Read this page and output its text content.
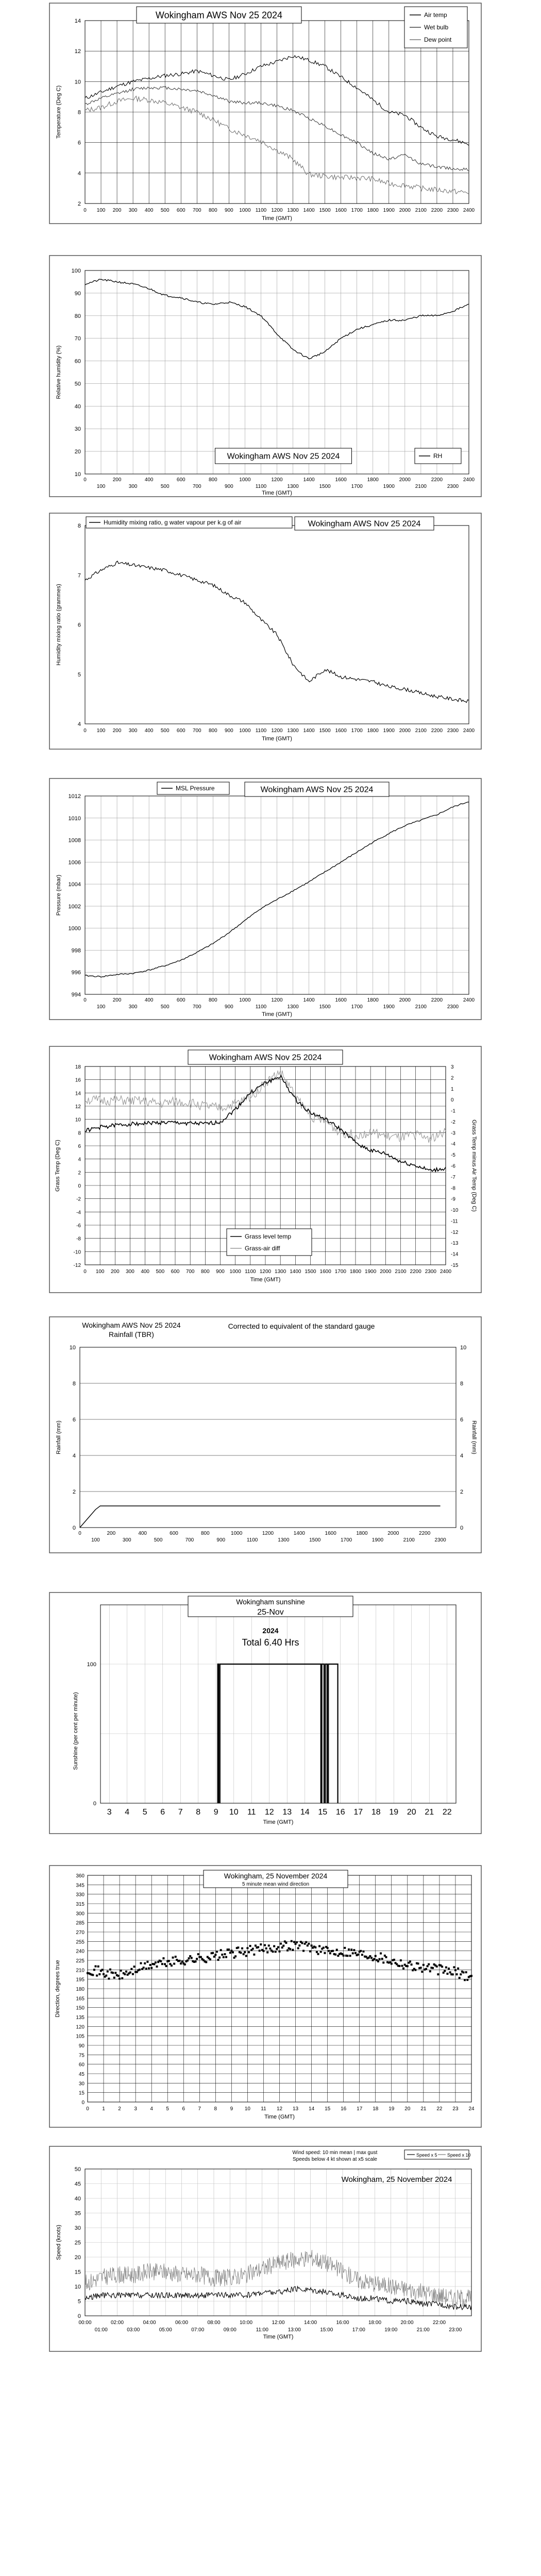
2
4
6
8
10
12
14
0 100 200 300 400 500 600 700 800 900 1000 1100 1200 1300 1400 1500 1600 1700 1800 1900 2000 2100 2200 2300 2400
Time (GMT)
Temperature (Deg C)
Wokingham AWS Nov 25 2024	Air temp
Wet bulb
Dew point
10
20
30
40
50
60
70
80
90
100
0	200	400	600	800	1000	1200	1400	1600	1800	2000	2200	2400
100	300	500	700	900	1100	1300	1500	1700	1900	2100	2300
Time (GMT)
Relative humidity (%)
Wokingham AWS Nov 25 2024	RH
4
5
6
7
8
0 100 200 300 400 500 600 700 800 900 1000 1100 1200 1300 1400 1500 1600 1700 1800 1900 2000 2100 2200 2300 2400
Time (GMT)
Humidity mixing ratio (grammes)
Humidity mixing ratio, g water vapour per k.g of air	Wokingham AWS Nov 25 2024
994
996
998
1000
1002
1004
1006
1008
1010
1012
0	200	400	600	800	1000	1200	1400	1600	1800	2000	2200	2400
100	300	500	700	900	1100	1300	1500	1700	1900	2100	2300
Time (GMT)
Pressure (mbar)
MSL Pressure	Wokingham AWS Nov 25 2024
-12
-10
-8
-6
-4
-2
0
2
4
6
8
10
12
14
16
18	3
2
1
0
-1
-2
-3
-4
-5
-6
-7
-8
-9
-10
-11
-12
-13
-14
-15
0 100 200 300 400 500 600 700 800 900 1000 1100 1200 1300 1400 1500 1600 1700 1800 1900 2000 2100 2200 2300 2400
Time (GMT)
Grass Temp (Deg C)	Grass Temp minus Air Temp (Deg C)
Wokingham AWS Nov 25 2024
Grass level temp
Grass-air diff
0
2
4
6
8
10
0
2
4
6
8
10
0	200	400	600	800	1000	1200	1400	1600	1800	2000	2200
100	300	500	700	900	1100	1300	1500	1700	1900	2100	2300
Rainfall (mm)	Rainfall (mm)
Wokingham AWS Nov 25 2024
Rainfall (TBR)
Corrected to equivalent of the standard gauge
0
100
3 4 5 6 7 8 9 10 11 12 13 14 15 16 17 18 19 20 21 22
Time (GMT)
Sunshine (per cent per minute)
Wokingham sunshine
25-Nov
2024
Total 6.40 Hrs
0
15
30
45
60
75
90
105
120
135
150
165
180
195
210
225
240
255
270
285
300
315
330
345
360
0	1	2	3	4	5	6	7	8	9 10 11 12 13 14 15 16 17 18 19 20 21 22 23 24
Time (GMT)
Direction, degrees true
Wokingham, 25 November 2024
5 minute mean wind direction
0
5
10
15
20
25
30
35
40
45
50
00:00	02:00	04:00	06:00	08:00	10:00	12:00	14:00	16:00	18:00	20:00	22:00
01:00	03:00	05:00	07:00	09:00	11:00	13:00	15:00	17:00	19:00	21:00	23:00
Time (GMT)
Speed (knots)
Wind speed: 10 min mean | max gust
Speeds below 4 kt shown at x5 scale
Speed x 5 Speed x 10
Wokingham, 25 November 2024
